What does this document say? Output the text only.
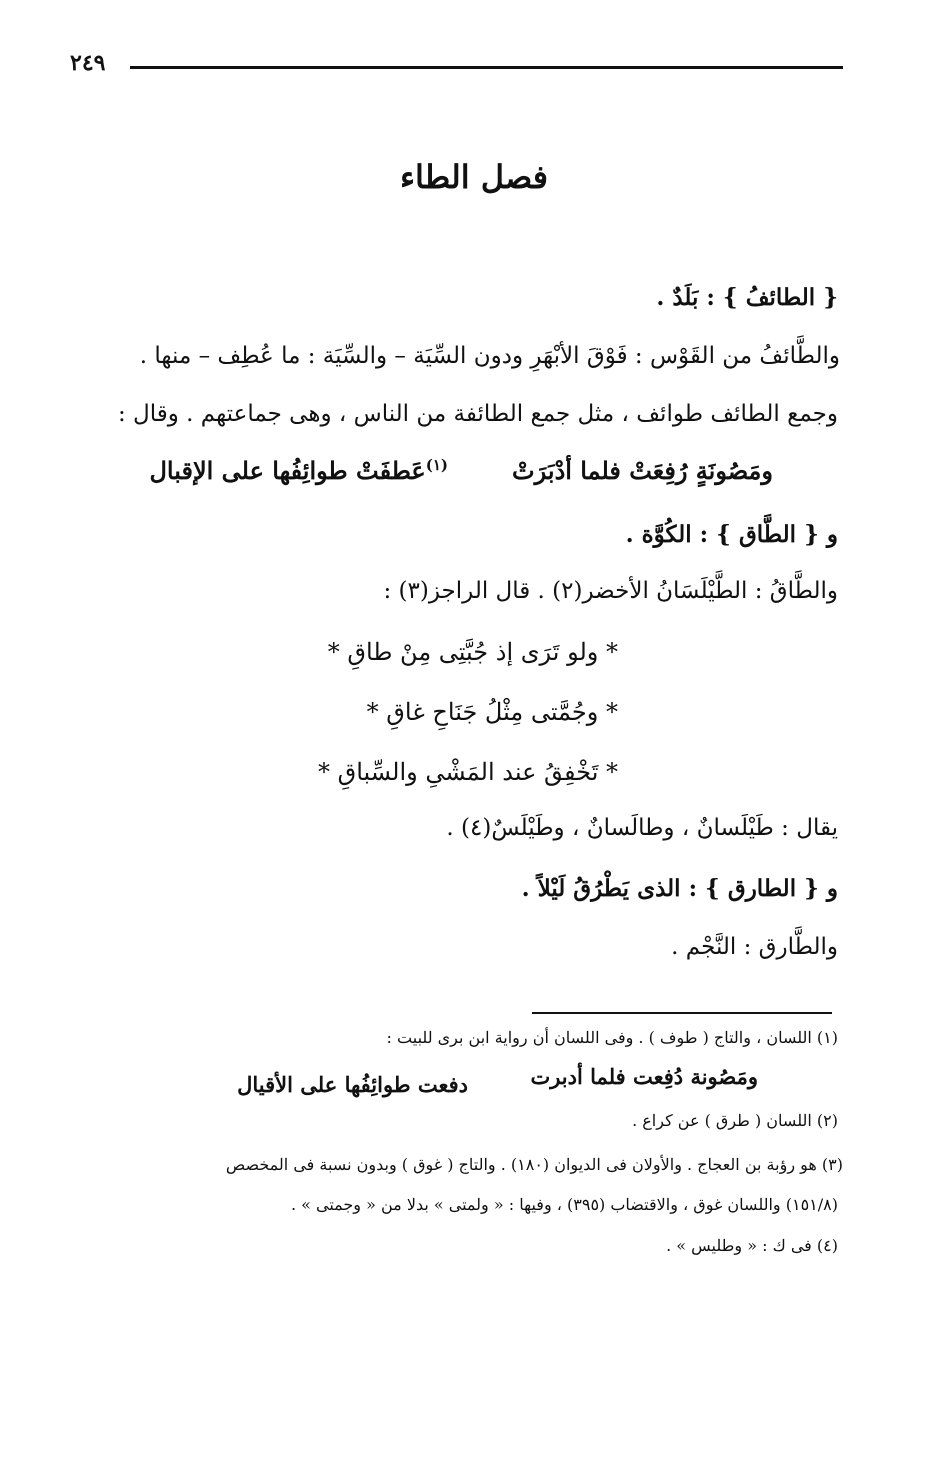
٢٤٩
فصل الطاء
{ الطائفُ } : بَلَدٌ .
والطَّائفُ من القَوْس : فَوْقَ الأبْهَرِ ودون السِّيَة – والسِّيَة : ما عُطِف – منها .
وجمع الطائف طوائف ، مثل جمع الطائفة من الناس ، وهى جماعتهم . وقال :
ومَصُونَةٍ رُفِعَتْ فلما أدْبَرَتْ
$^{(١)}$عَطفَتْ طوائِفُها على الإقبال
و { الطَّاق } : الكُوَّة .
والطَّاقُ : الطَّيْلَسَانُ الأخضر(٢) . قال الراجز(٣) :
* ولو تَرَى إذ جُبَّتِى مِنْ طاقِ *
* وجُمَّتى مِثْلُ جَنَاحِ غاقِ *
* تَخْفِقُ عند المَشْىِ والسِّباقِ *
يقال : طَيْلَسانٌ ، وطالَسانٌ ، وطَيْلَسٌ(٤) .
و { الطارق } : الذى يَطْرُقُ لَيْلاً .
والطَّارق : النَّجْم .
(١) اللسان ، والتاج ( طوف ) . وفى اللسان أن رواية ابن برى للبيت :
ومَصُونة دُفِعت فلما أدبرت
دفعت طوائِفُها على الأقيال
(٢) اللسان ( طرق ) عن كراع .
(٣) هو رؤبة بن العجاج . والأولان فى الديوان (١٨٠) . والتاج ( غوق ) وبدون نسبة فى المخصص
(١٥١/٨) واللسان غوق ، والاقتضاب (٣٩٥) ، وفيها : « ولمتى » بدلا من « وجمتى » .
(٤) فى ك : « وطليس » .
